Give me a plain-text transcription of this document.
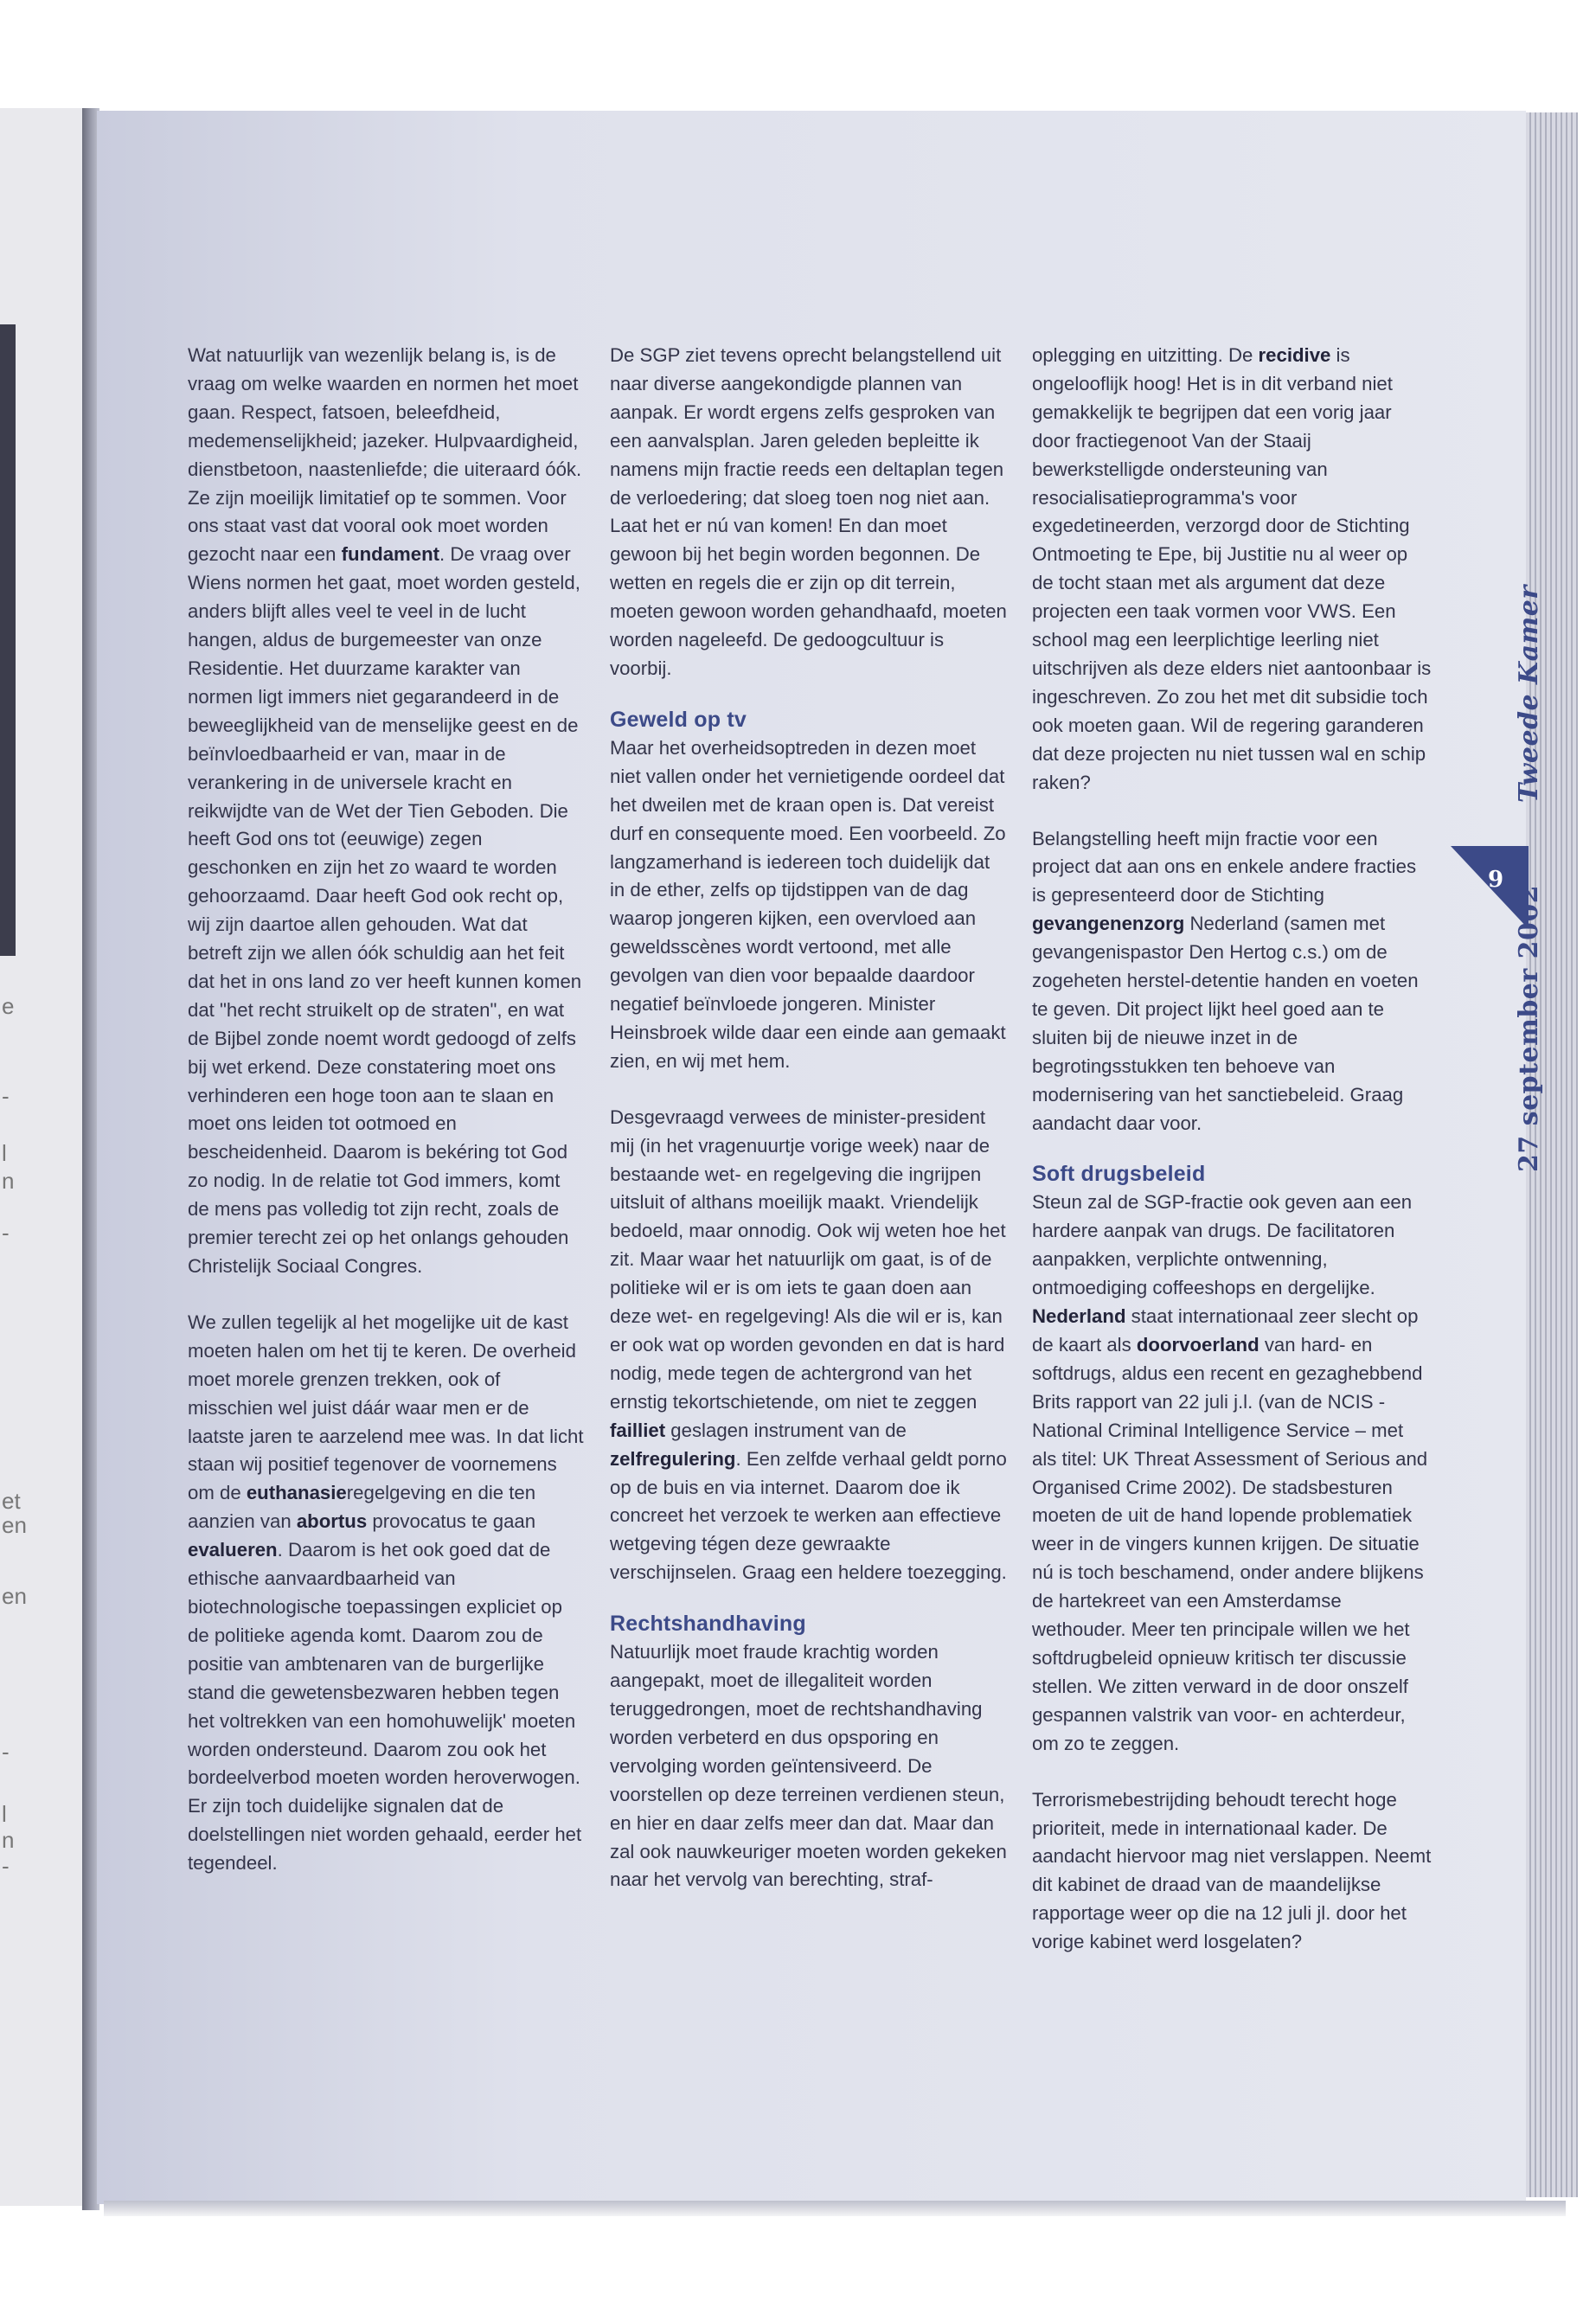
e
-
l
n
-
et
en
en
-
l
n
-

Wat natuurlijk van wezenlijk belang is, is de vraag om welke waarden en normen het moet gaan. Respect, fatsoen, beleefdheid, medemenselijkheid; jazeker. Hulpvaardigheid, dienstbetoon, naastenliefde; die uiteraard óók. Ze zijn moeilijk limitatief op te sommen. Voor ons staat vast dat vooral ook moet worden gezocht naar een fundament. De vraag over Wiens normen het gaat, moet worden gesteld, anders blijft alles veel te veel in de lucht hangen, aldus de burgemeester van onze Residentie. Het duurzame karakter van normen ligt immers niet gegarandeerd in de beweeglijkheid van de menselijke geest en de beïnvloedbaarheid er van, maar in de verankering in de universele kracht en reikwijdte van de Wet der Tien Geboden. Die heeft God ons tot (eeuwige) zegen geschonken en zijn het zo waard te worden gehoorzaamd. Daar heeft God ook recht op, wij zijn daartoe allen gehouden. Wat dat betreft zijn we allen óók schuldig aan het feit dat het in ons land zo ver heeft kunnen komen dat "het recht struikelt op de straten", en wat de Bijbel zonde noemt wordt gedoogd of zelfs bij wet erkend. Deze constatering moet ons verhinderen een hoge toon aan te slaan en moet ons leiden tot ootmoed en bescheidenheid. Daarom is bekéring tot God zo nodig. In de relatie tot God immers, komt de mens pas volledig tot zijn recht, zoals de premier terecht zei op het onlangs gehouden Christelijk Sociaal Congres.

We zullen tegelijk al het mogelijke uit de kast moeten halen om het tij te keren. De overheid moet morele grenzen trekken, ook of misschien wel juist dáár waar men er de laatste jaren te aarzelend mee was. In dat licht staan wij positief tegenover de voornemens om de euthanasieregelgeving en die ten aanzien van abortus provocatus te gaan evalueren. Daarom is het ook goed dat de ethische aanvaardbaarheid van biotechnologische toepassingen expliciet op de politieke agenda komt. Daarom zou de positie van ambtenaren van de burgerlijke stand die gewetensbezwaren hebben tegen het voltrekken van een homohuwelijk' moeten worden ondersteund. Daarom zou ook het bordeelverbod moeten worden heroverwogen. Er zijn toch duidelijke signalen dat de doelstellingen niet worden gehaald, eerder het tegendeel.

De SGP ziet tevens oprecht belangstellend uit naar diverse aangekondigde plannen van aanpak. Er wordt ergens zelfs gesproken van een aanvalsplan. Jaren geleden bepleitte ik namens mijn fractie reeds een deltaplan tegen de verloedering; dat sloeg toen nog niet aan. Laat het er nú van komen! En dan moet gewoon bij het begin worden begonnen. De wetten en regels die er zijn op dit terrein, moeten gewoon worden gehandhaafd, moeten worden nageleefd. De gedoogcultuur is voorbij.

Geweld op tv

Maar het overheidsoptreden in dezen moet niet vallen onder het vernietigende oordeel dat het dweilen met de kraan open is. Dat vereist durf en consequente moed. Een voorbeeld. Zo langzamerhand is iedereen toch duidelijk dat in de ether, zelfs op tijdstippen van de dag waarop jongeren kijken, een overvloed aan geweldsscènes wordt vertoond, met alle gevolgen van dien voor bepaalde daardoor negatief beïnvloede jongeren. Minister Heinsbroek wilde daar een einde aan gemaakt zien, en wij met hem.

Desgevraagd verwees de minister-president mij (in het vragenuurtje vorige week) naar de bestaande wet- en regelgeving die ingrijpen uitsluit of althans moeilijk maakt. Vriendelijk bedoeld, maar onnodig. Ook wij weten hoe het zit. Maar waar het natuurlijk om gaat, is of de politieke wil er is om iets te gaan doen aan deze wet- en regelgeving! Als die wil er is, kan er ook wat op worden gevonden en dat is hard nodig, mede tegen de achtergrond van het ernstig tekortschietende, om niet te zeggen failliet geslagen instrument van de zelfregulering. Een zelfde verhaal geldt porno op de buis en via internet. Daarom doe ik concreet het verzoek te werken aan effectieve wetgeving tégen deze gewraakte verschijnselen. Graag een heldere toezegging.

Rechtshandhaving

Natuurlijk moet fraude krachtig worden aangepakt, moet de illegaliteit worden teruggedrongen, moet de rechtshandhaving worden verbeterd en dus opsporing en vervolging worden geïntensiveerd. De voorstellen op deze terreinen verdienen steun, en hier en daar zelfs meer dan dat. Maar dan zal ook nauwkeuriger moeten worden gekeken naar het vervolg van berechting, straf-

oplegging en uitzitting. De recidive is ongelooflijk hoog! Het is in dit verband niet gemakkelijk te begrijpen dat een vorig jaar door fractiegenoot Van der Staaij bewerkstelligde ondersteuning van resocialisatieprogramma's voor exgedetineerden, verzorgd door de Stichting Ontmoeting te Epe, bij Justitie nu al weer op de tocht staan met als argument dat deze projecten een taak vormen voor VWS. Een school mag een leerplichtige leerling niet uitschrijven als deze elders niet aantoonbaar is ingeschreven. Zo zou het met dit subsidie toch ook moeten gaan. Wil de regering garanderen dat deze projecten nu niet tussen wal en schip raken?

Belangstelling heeft mijn fractie voor een project dat aan ons en enkele andere fracties is gepresenteerd door de Stichting gevangenenzorg Nederland (samen met gevangenispastor Den Hertog c.s.) om de zogeheten herstel-detentie handen en voeten te geven. Dit project lijkt heel goed aan te sluiten bij de nieuwe inzet in de begrotingsstukken ten behoeve van modernisering van het sanctiebeleid. Graag aandacht daar voor.

Soft drugsbeleid

Steun zal de SGP-fractie ook geven aan een hardere aanpak van drugs. De facilitatoren aanpakken, verplichte ontwenning, ontmoediging coffeeshops en dergelijke. Nederland staat internationaal zeer slecht op de kaart als doorvoerland van hard- en softdrugs, aldus een recent en gezaghebbend Brits rapport van 22 juli j.l. (van de NCIS - National Criminal Intelligence Service – met als titel: UK Threat Assessment of Serious and Organised Crime 2002). De stadsbesturen moeten de uit de hand lopende problematiek weer in de vingers kunnen krijgen. De situatie nú is toch beschamend, onder andere blijkens de hartekreet van een Amsterdamse wethouder. Meer ten principale willen we het softdrugbeleid opnieuw kritisch ter discussie stellen. We zitten verward in de door onszelf gespannen valstrik van voor- en achterdeur, om zo te zeggen.

Terrorismebestrijding behoudt terecht hoge prioriteit, mede in internationaal kader. De aandacht hiervoor mag niet verslappen. Neemt dit kabinet de draad van de maandelijkse rapportage weer op die na 12 juli jl. door het vorige kabinet werd losgelaten?

Tweede Kamer
9
27 september 2002
